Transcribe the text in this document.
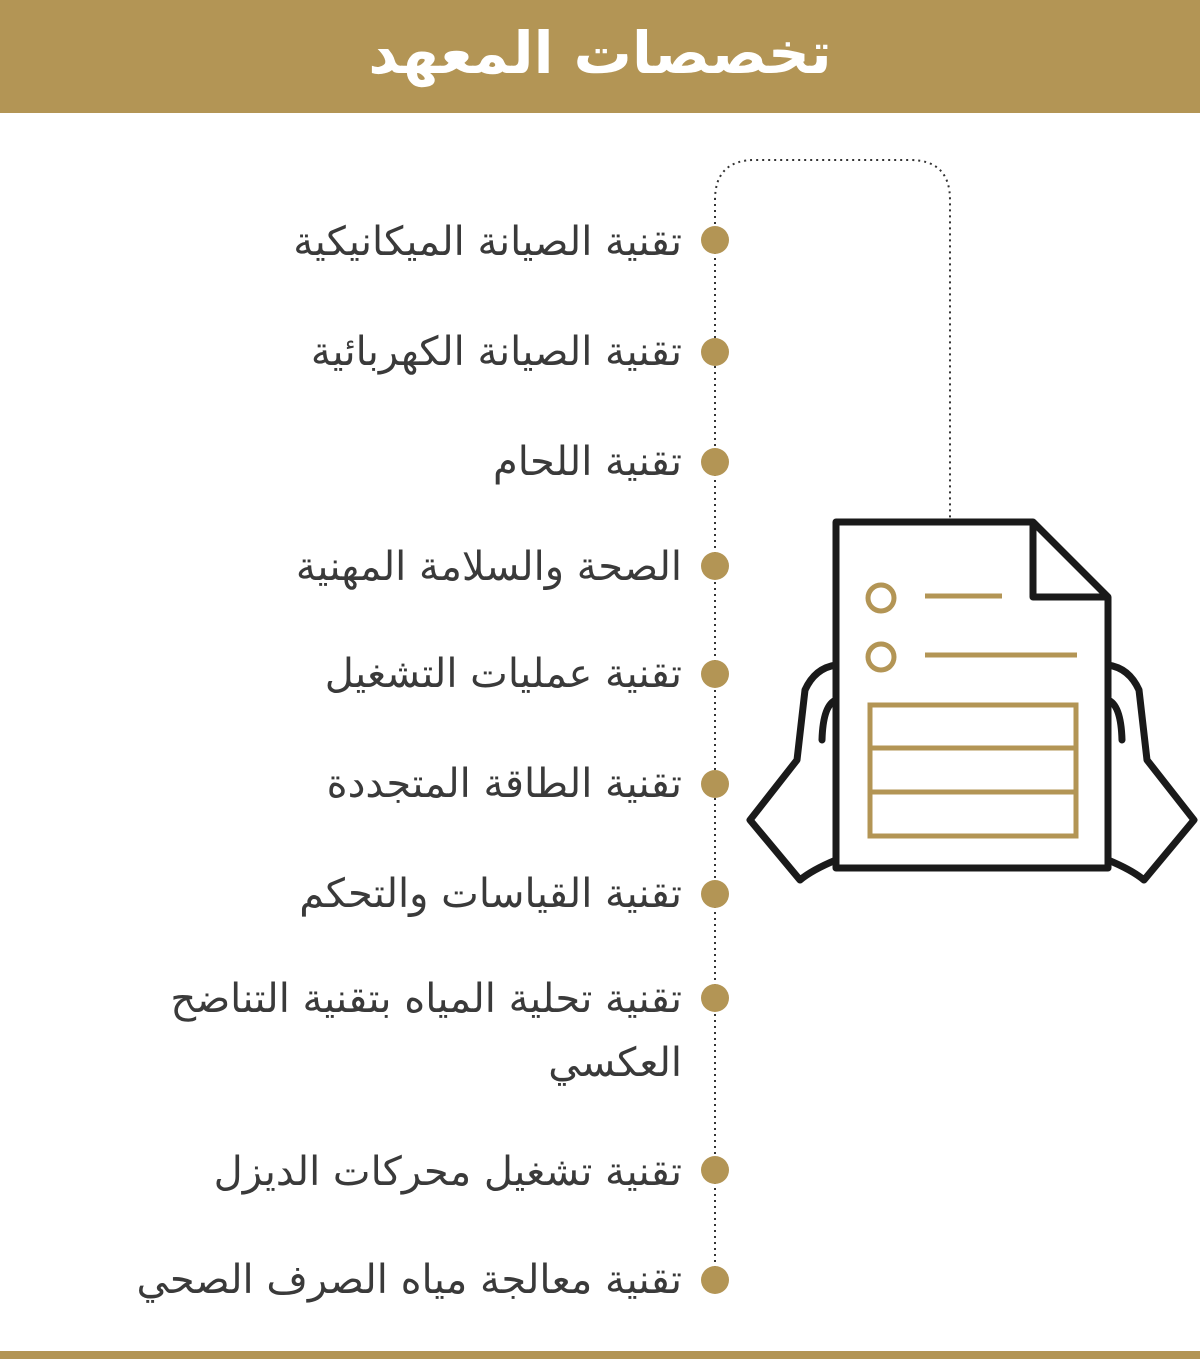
تخصصات المعهد
تقنية الصيانة الميكانيكية
تقنية الصيانة الكهربائية
تقنية اللحام
الصحة والسلامة المهنية
تقنية عمليات التشغيل
تقنية الطاقة المتجددة
تقنية القياسات والتحكم
تقنية تحلية المياه بتقنية التناضح العكسي
تقنية تشغيل محركات الديزل
تقنية معالجة مياه الصرف الصحي
